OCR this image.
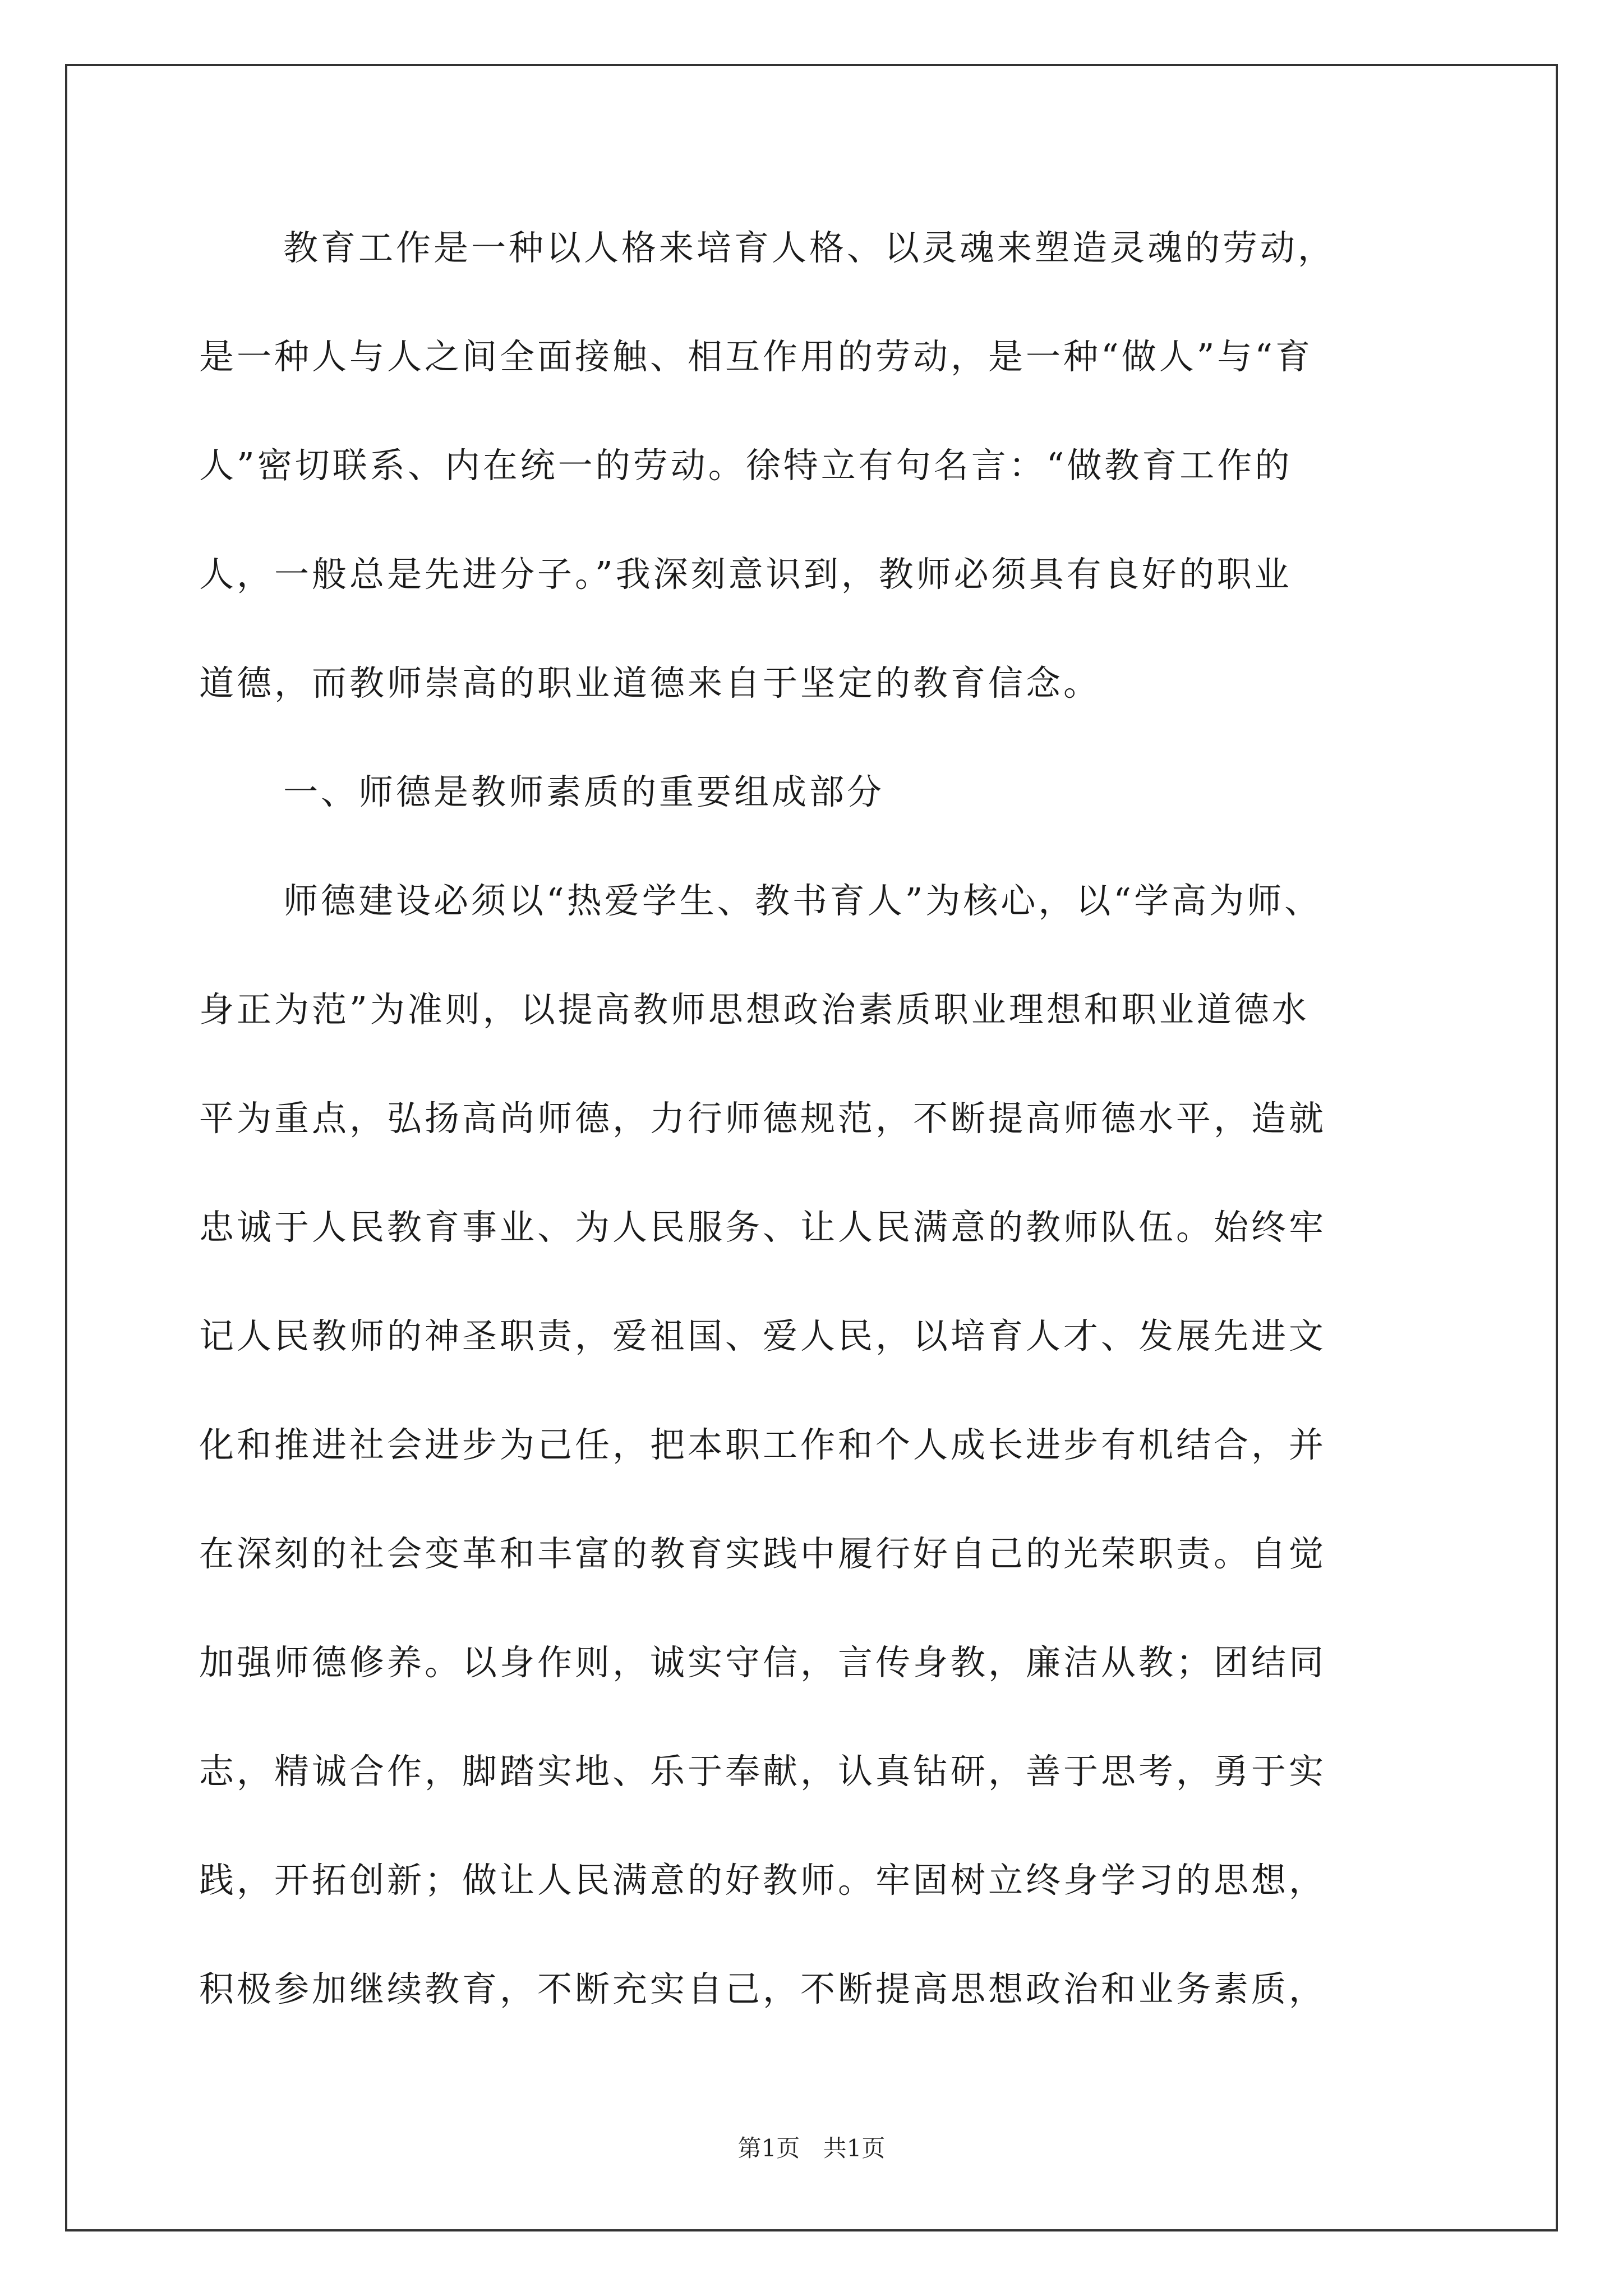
教育工作是一种以人格来培育人格、以灵魂来塑造灵魂的劳动，

是一种人与人之间全面接触、相互作用的劳动，是一种“做人”与“育

人”密切联系、内在统一的劳动。徐特立有句名言：“做教育工作的

人，一般总是先进分子。”我深刻意识到，教师必须具有良好的职业

道德，而教师崇高的职业道德来自于坚定的教育信念。

一、师德是教师素质的重要组成部分

师德建设必须以“热爱学生、教书育人”为核心，以“学高为师、

身正为范”为准则，以提高教师思想政治素质职业理想和职业道德水

平为重点，弘扬高尚师德，力行师德规范，不断提高师德水平，造就

忠诚于人民教育事业、为人民服务、让人民满意的教师队伍。始终牢

记人民教师的神圣职责，爱祖国、爱人民，以培育人才、发展先进文

化和推进社会进步为己任，把本职工作和个人成长进步有机结合，并

在深刻的社会变革和丰富的教育实践中履行好自己的光荣职责。自觉

加强师德修养。以身作则，诚实守信，言传身教，廉洁从教；团结同

志，精诚合作，脚踏实地、乐于奉献，认真钻研，善于思考，勇于实

践，开拓创新；做让人民满意的好教师。牢固树立终身学习的思想，

积极参加继续教育，不断充实自己，不断提高思想政治和业务素质，

第1页 共1页
